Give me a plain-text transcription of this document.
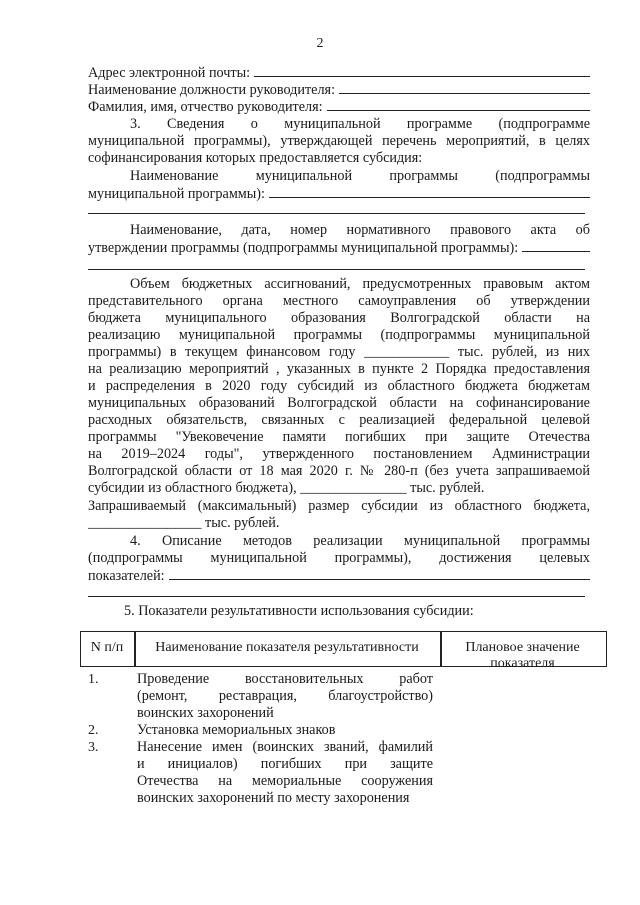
2
Адрес электронной почты:
Наименование должности руководителя:
Фамилия, имя, отчество руководителя:
3. Сведения о муниципальной программе (подпрограмме
муниципальной программы), утверждающей перечень мероприятий, в целях
софинансирования которых предоставляется субсидия:
Наименование муниципальной программы (подпрограммы
муниципальной программы):
Наименование, дата, номер нормативного правового акта об
утверждении программы (подпрограммы муниципальной программы):
Объем бюджетных ассигнований, предусмотренных правовым актом
представительного органа местного самоуправления об утверждении
бюджета муниципального образования Волгоградской области на
реализацию муниципальной программы (подпрограммы муниципальной
программы) в текущем финансовом году ____________ тыс. рублей, из них
на реализацию мероприятий , указанных в пункте 2 Порядка предоставления
и распределения в 2020 году субсидий из областного бюджета бюджетам
муниципальных образований Волгоградской области на софинансирование
расходных обязательств, связанных с реализацией федеральной целевой
программы "Увековечение памяти погибших при защите Отечества
на 2019–2024 годы", утвержденного постановлением Администрации
Волгоградской области от 18 мая 2020 г. № 280-п (без учета запрашиваемой
субсидии из областного бюджета), _______________ тыс. рублей.
Запрашиваемый (максимальный) размер субсидии из областного бюджета,
________________ тыс. рублей.
4. Описание методов реализации муниципальной программы
(подпрограммы муниципальной программы), достижения целевых
показателей:
5. Показатели результативности использования субсидии:
N п/п	Наименование показателя результативности	Плановое значение
показателя
1.	Проведение восстановительных работ
(ремонт, реставрация, благоустройство)
воинских захоронений
2.	Установка мемориальных знаков
3.	Нанесение имен (воинских званий, фамилий
и инициалов) погибших при защите
Отечества на мемориальные сооружения
воинских захоронений по месту захоронения
